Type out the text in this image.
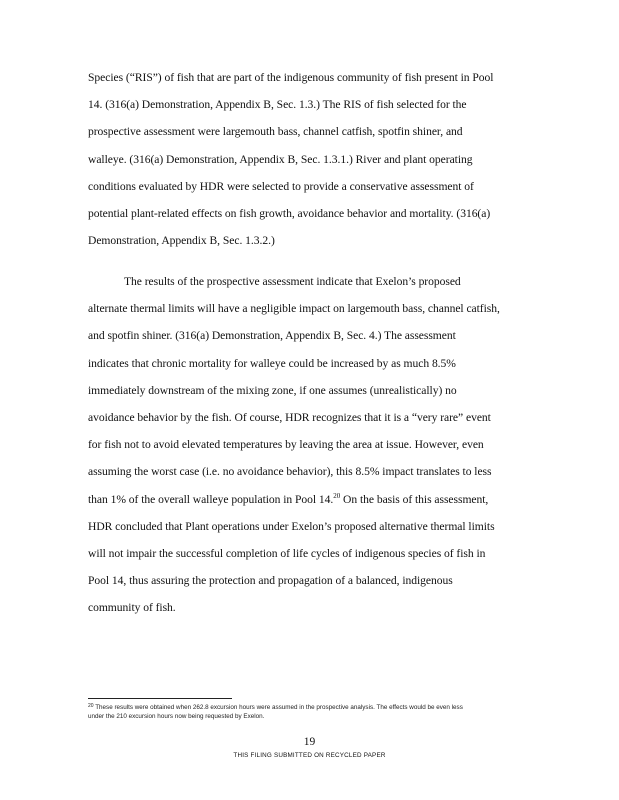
Species (“RIS”) of fish that are part of the indigenous community of fish present in Pool
14. (316(a) Demonstration, Appendix B, Sec. 1.3.) The RIS of fish selected for the
prospective assessment were largemouth bass, channel catfish, spotfin shiner, and
walleye. (316(a) Demonstration, Appendix B, Sec. 1.3.1.) River and plant operating
conditions evaluated by HDR were selected to provide a conservative assessment of
potential plant-related effects on fish growth, avoidance behavior and mortality. (316(a)
Demonstration, Appendix B, Sec. 1.3.2.)

The results of the prospective assessment indicate that Exelon’s proposed
alternate thermal limits will have a negligible impact on largemouth bass, channel catfish,
and spotfin shiner. (316(a) Demonstration, Appendix B, Sec. 4.) The assessment
indicates that chronic mortality for walleye could be increased by as much 8.5%
immediately downstream of the mixing zone, if one assumes (unrealistically) no
avoidance behavior by the fish. Of course, HDR recognizes that it is a “very rare” event
for fish not to avoid elevated temperatures by leaving the area at issue. However, even
assuming the worst case (i.e. no avoidance behavior), this 8.5% impact translates to less
than 1% of the overall walleye population in Pool 14.20 On the basis of this assessment,
HDR concluded that Plant operations under Exelon’s proposed alternative thermal limits
will not impair the successful completion of life cycles of indigenous species of fish in
Pool 14, thus assuring the protection and propagation of a balanced, indigenous
community of fish.

$^{20}$ These results were obtained when 262.8 excursion hours were assumed in the prospective analysis. The effects would be even less
under the 210 excursion hours now being requested by Exelon.
19
THIS FILING SUBMITTED ON RECYCLED PAPER
